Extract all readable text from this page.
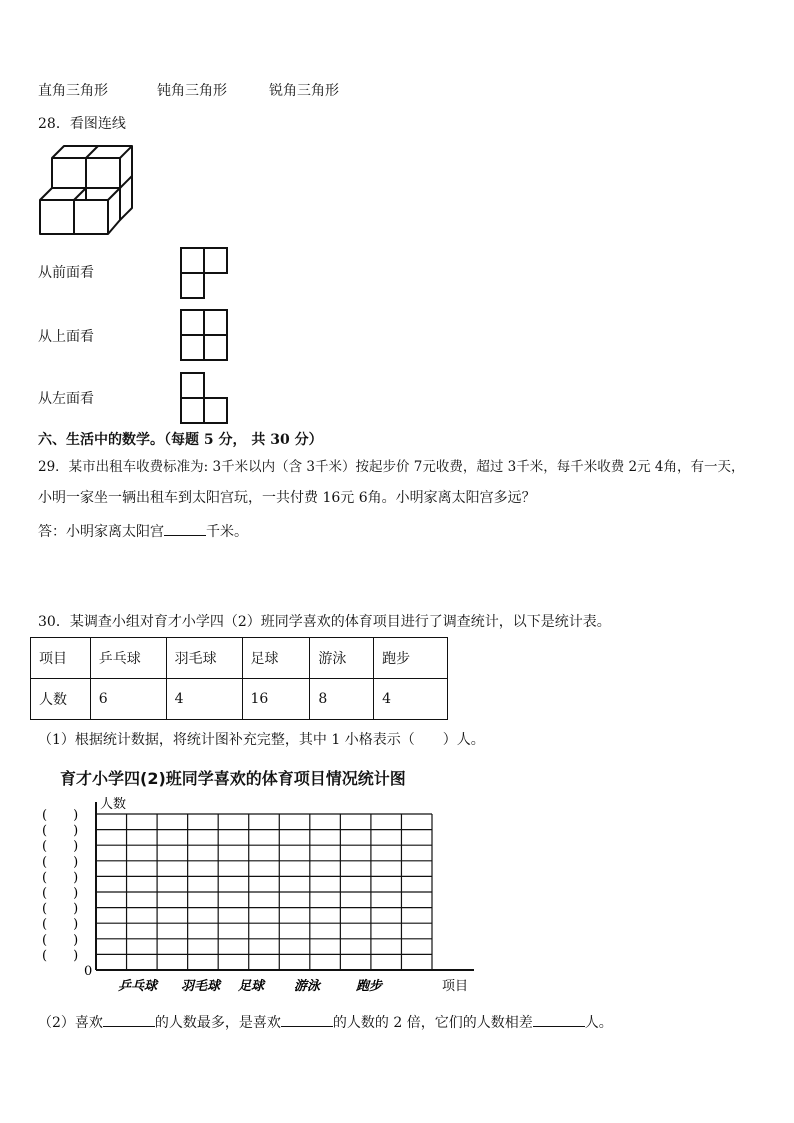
直角三角形	钝角三角形	锐角三角形
28．看图连线
从前面看
从上面看
从左面看
六、生活中的数学。（每题 5 分， 共 30 分）
29．某市出租车收费标准为: 3千米以内（含 3千米）按起步价 7元收费，超过 3千米，每千米收费 2元 4角，有一天，
小明一家坐一辆出租车到太阳宫玩，一共付费 16元 6角。小明家离太阳宫多远？
答：小明家离太阳宫	千米。
30．某调查小组对育才小学四（2）班同学喜欢的体育项目进行了调查统计，以下是统计表。
项目	乒乓球	羽毛球	足球	游泳	跑步
人数	6	4	16	8	4
（1）根据统计数据，将统计图补充完整，其中 1 小格表示（　　）人。
育才小学四(2)班同学喜欢的体育项目情况统计图
人数
0
(　　)
(　　)
(　　)
(　　)
(　　)
(　　)
(　　)
(　　)
(　　)
(　　)
乒乓球 羽毛球 足球 游泳	跑步	项目
（2）喜欢	的人数最多，是喜欢	的人数的 2 倍，它们的人数相差	人。
